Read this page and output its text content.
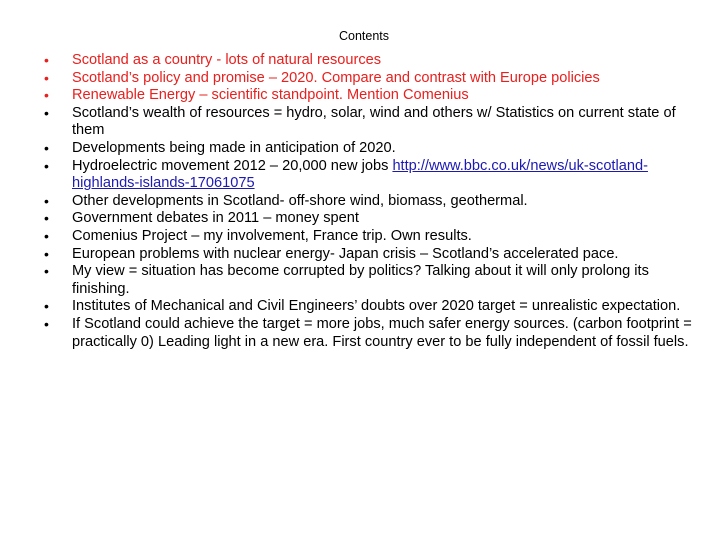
Contents
•	Scotland as a country - lots of natural resources
•	Scotland’s policy and promise – 2020. Compare and contrast with Europe policies
•	Renewable Energy – scientific standpoint. Mention Comenius
•	Scotland’s wealth of resources = hydro, solar, wind and others w/ Statistics on current state of them
•	Developments being made in anticipation of 2020.
•	Hydroelectric movement 2012 – 20,000 new jobs http://www.bbc.co.uk/news/uk-scotland-highlands-islands-17061075
•	Other developments in Scotland- off-shore wind, biomass, geothermal.
•	Government debates in 2011 – money spent
•	Comenius Project – my involvement, France trip. Own results.
•	European problems with nuclear energy- Japan crisis – Scotland’s accelerated pace.
•	My view = situation has become corrupted by politics? Talking about it will only prolong its finishing.
•	Institutes of Mechanical and Civil Engineers’ doubts over 2020 target = unrealistic expectation.
•	If Scotland could achieve the target = more jobs, much safer energy sources. (carbon footprint = practically 0) Leading light in a new era. First country ever to be fully independent of fossil fuels.
